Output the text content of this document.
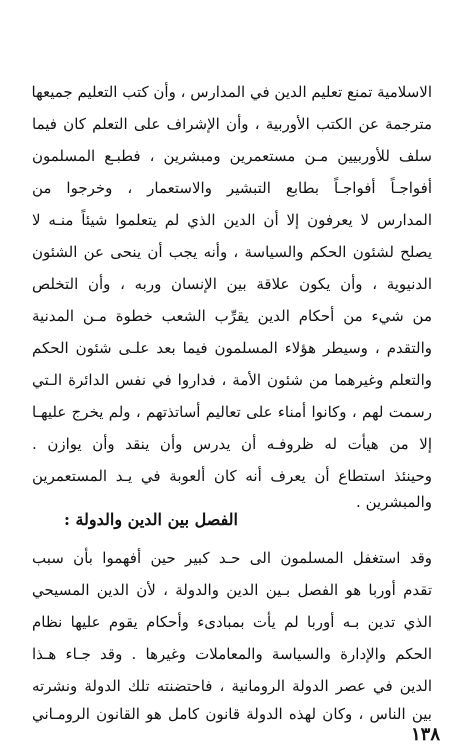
الاسلامية تمنع تعليم الدين في المدارس ، وأن كتب التعليم جميعها

مترجمة عن الكتب الأوربية ، وأن الإشراف على التعلم كان فيما

سلف للأوربيين مـن مستعمرين ومبشرين ، فطبـع المسلمون

أفواجـاً أفواجـاً بطابع التبشير والاستعمار ، وخرجوا من

المدارس لا يعرفون إلا أن الدين الذي لم يتعلموا شيئاً منـه لا

يصلح لشئون الحكم والسياسة ، وأنه يجب أن ينحى عن الشئون

الدنيوية ، وأن يكون علاقة بين الإنسان وربه ، وأن التخلص

من شيء من أحكام الدين يقرِّب الشعب خطوة مـن المدنية

والتقدم ، وسيطر هؤلاء المسلمون فيما بعد علـى شئون الحكم

والتعلم وغيرهما من شئون الأمة ، فداروا في نفس الدائرة الـتي

رسمت لهم ، وكانوا أمناء على تعاليم أساتذتهم ، ولم يخرج عليهـا

إلا من هيأت له ظروفـه أن يدرس وأن ينقد وأن يوازن .

وحينئذ استطاع أن يعرف أنه كان ألعوبة في يـد المستعمرين

والمبشرين .

الفصل بين الدين والدولة :

وقد استغفل المسلمون الى حـد كبير حين أفهموا بأن سبب

تقدم أوربا هو الفصل بـين الدين والدولة ، لأن الدين المسيحي

الذي تدين بـه أوربا لم يأت بمبادىء وأحكام يقوم عليها نظام

الحكم والإدارة والسياسة والمعاملات وغيرها . وقد جـاء هـذا

الدين في عصر الدولة الرومانية ، فاحتضنته تلك الدولة ونشرته

بين الناس ، وكان لهذه الدولة قانون كامل هو القانون الرومـاني

١٣٨
